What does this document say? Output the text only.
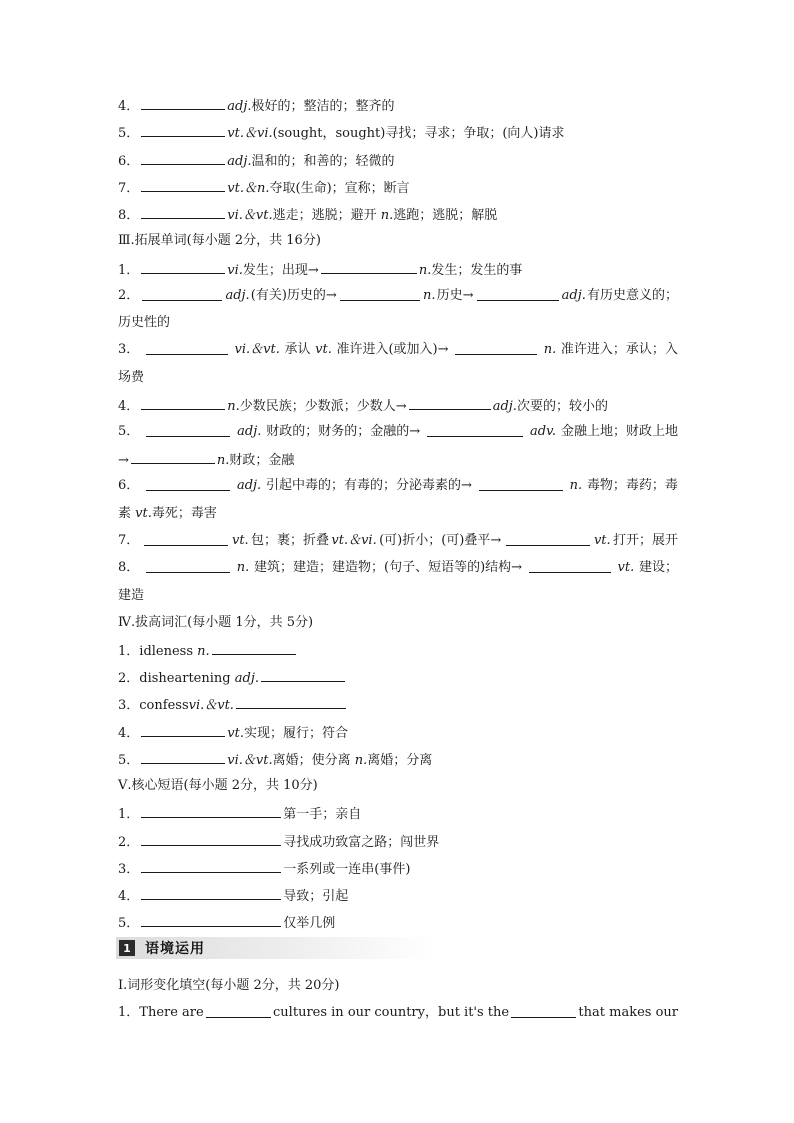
4．	adj.极好的；整洁的；整齐的
5．	vt.＆vi.(sought，sought)寻找；寻求；争取；(向人)请求
6．	adj.温和的；和善的；轻微的
7．	vt.＆n.夺取(生命)；宣称；断言
8．	vi.＆vt.逃走；逃脱；避开 n.逃跑；逃脱；解脱
Ⅲ.拓展单词(每小题 2分，共 16分)
1．	vi.发生；出现→	n.发生；发生的事
2．	adj. (有关)历史的→	n. 历史→	adj. 有历史意义的；
历史性的
3．	vi.＆vt. 承认 vt. 准许进入(或加入)→	n. 准许进入；承认；入
场费
4．	n.少数民族；少数派；少数人→	adj.次要的；较小的
5．	adj. 财政的；财务的；金融的→	adv. 金融上地；财政上地
→	n.财政；金融
6．	adj. 引起中毒的；有毒的；分泌毒素的→	n. 毒物；毒药；毒
素 vt.毒死；毒害
7．	vt. 包；裹；折叠 vt.＆vi. (可)折小；(可)叠平→	vt. 打开；展开
8．	n. 建筑；建造；建造物；(句子、短语等的)结构→	vt. 建设；
建造
Ⅳ.拔高词汇(每小题 1分，共 5分)
1．idleness n.
2．disheartening adj.
3．confessvi.＆vt.
4．	vt.实现；履行；符合
5．	vi.＆vt.离婚；使分离 n.离婚；分离
Ⅴ.核心短语(每小题 2分，共 10分)
1．	第一手；亲自
2．	寻找成功致富之路；闯世界
3．	一系列或一连串(事件)
4．	导致；引起
5．	仅举几例
1 语境运用
Ⅰ.词形变化填空(每小题 2分，共 20分)
1． There are	cultures in our country，but it's the	that makes our
